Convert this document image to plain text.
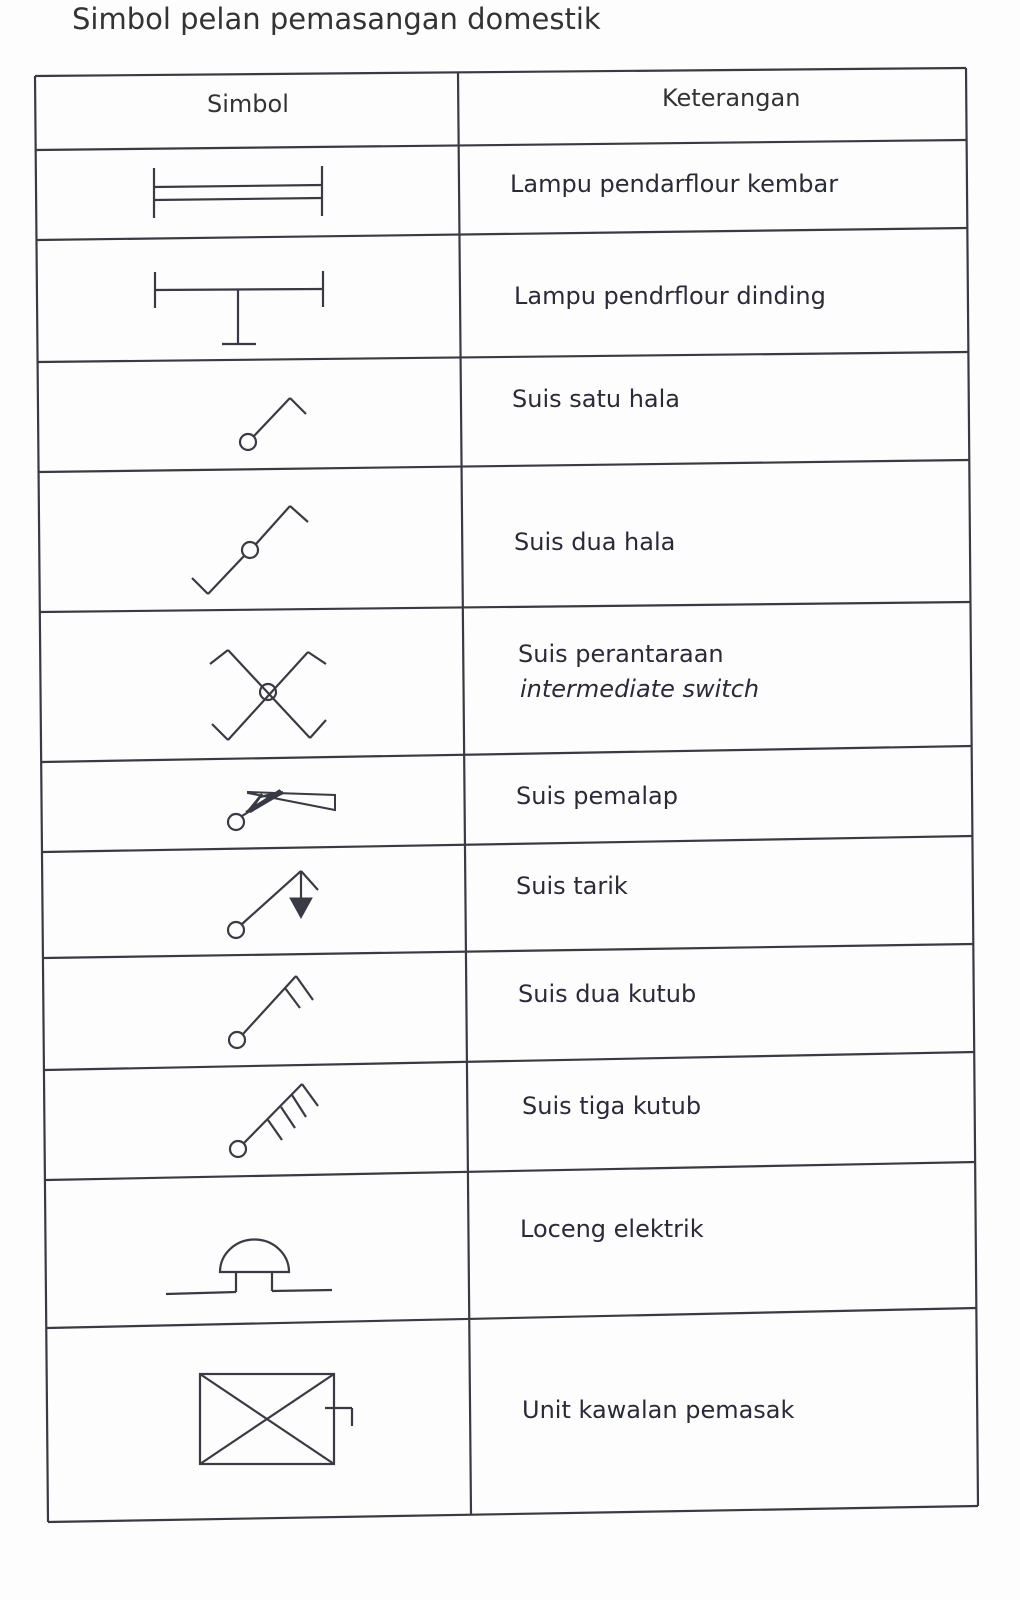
Simbol pelan pemasangan domestik
Simbol	Keterangan
Lampu pendarflour kembar
Lampu pendrflour dinding
Suis satu hala
Suis dua hala
Suis perantaraan
intermediate switch
Suis pemalap
Suis tarik
Suis dua kutub
Suis tiga kutub
Loceng elektrik
Unit kawalan pemasak
